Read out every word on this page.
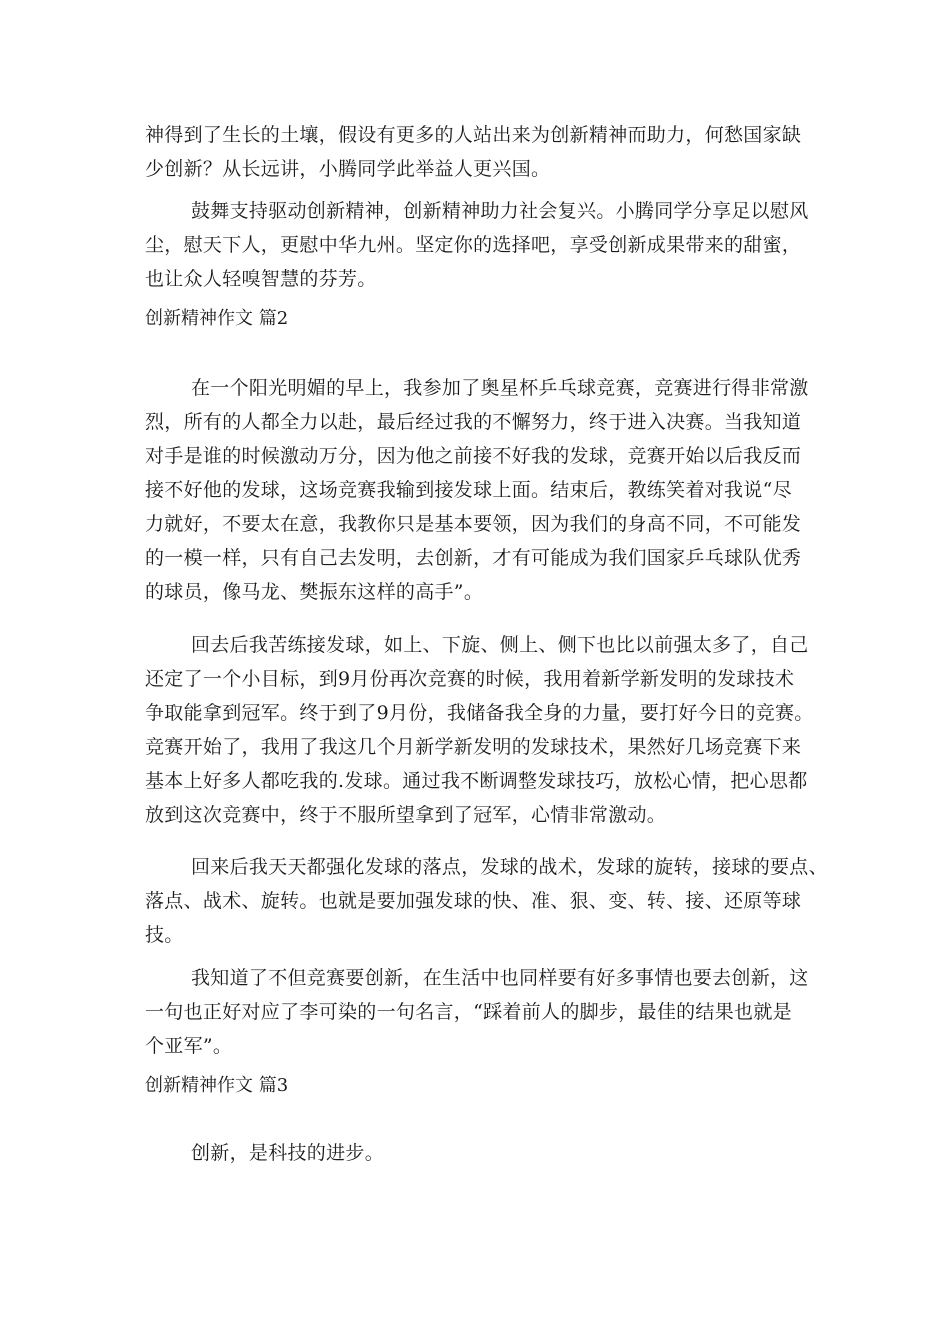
神得到了生长的土壤，假设有更多的人站出来为创新精神而助力，何愁国家缺
少创新？从长远讲，小腾同学此举益人更兴国。
鼓舞支持驱动创新精神，创新精神助力社会复兴。小腾同学分享足以慰风
尘，慰天下人，更慰中华九州。坚定你的选择吧，享受创新成果带来的甜蜜，
也让众人轻嗅智慧的芬芳。
创新精神作文 篇2
在一个阳光明媚的早上，我参加了奥星杯乒乓球竞赛，竞赛进行得非常激
烈，所有的人都全力以赴，最后经过我的不懈努力，终于进入决赛。当我知道
对手是谁的时候激动万分，因为他之前接不好我的发球，竞赛开始以后我反而
接不好他的发球，这场竞赛我输到接发球上面。结束后，教练笑着对我说“尽
力就好，不要太在意，我教你只是基本要领，因为我们的身高不同，不可能发
的一模一样，只有自己去发明，去创新，才有可能成为我们国家乒乓球队优秀
的球员，像马龙、樊振东这样的高手”。
回去后我苦练接发球，如上、下旋、侧上、侧下也比以前强太多了，自己
还定了一个小目标，到9月份再次竞赛的时候，我用着新学新发明的发球技术
争取能拿到冠军。终于到了9月份，我储备我全身的力量，要打好今日的竞赛。
竞赛开始了，我用了我这几个月新学新发明的发球技术，果然好几场竞赛下来
基本上好多人都吃我的.发球。通过我不断调整发球技巧，放松心情，把心思都
放到这次竞赛中，终于不服所望拿到了冠军，心情非常激动。
回来后我天天都强化发球的落点，发球的战术，发球的旋转，接球的要点、
落点、战术、旋转。也就是要加强发球的快、准、狠、变、转、接、还原等球
技。
我知道了不但竞赛要创新，在生活中也同样要有好多事情也要去创新，这
一句也正好对应了李可染的一句名言，“踩着前人的脚步，最佳的结果也就是
个亚军”。
创新精神作文 篇3
创新，是科技的进步。
